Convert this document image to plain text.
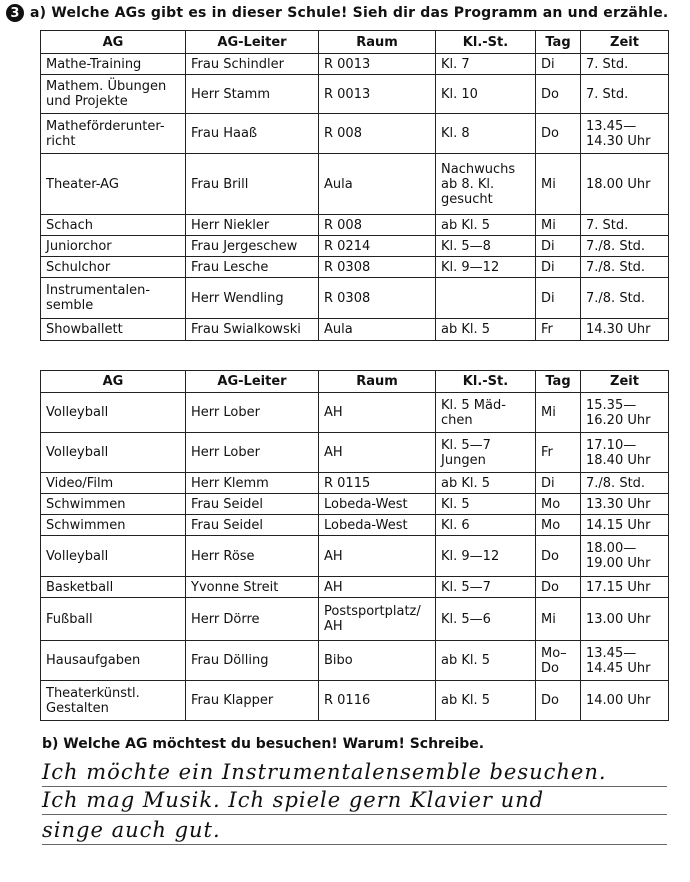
3 a) Welche AGs gibt es in dieser Schule! Sieh dir das Programm an und erzähle.
AG	AG-Leiter	Raum	Kl.-St.	Tag	Zeit
Mathe-Training	Frau Schindler	R 0013	Kl. 7	Di	7. Std.
Mathem. Übungen und Projekte	Herr Stamm	R 0013	Kl. 10	Do	7. Std.
Matheförderunter-richt	Frau Haaß	R 008	Kl. 8	Do	13.45—14.30 Uhr
Theater-AG	Frau Brill	Aula	Nachwuchs ab 8. Kl. gesucht	Mi	18.00 Uhr
Schach	Herr Niekler	R 008	ab Kl. 5	Mi	7. Std.
Juniorchor	Frau Jergeschew	R 0214	Kl. 5—8	Di	7./8. Std.
Schulchor	Frau Lesche	R 0308	Kl. 9—12	Di	7./8. Std.
Instrumentalen-semble	Herr Wendling	R 0308		Di	7./8. Std.
Showballett	Frau Swialkowski	Aula	ab Kl. 5	Fr	14.30 Uhr
AG	AG-Leiter	Raum	Kl.-St.	Tag	Zeit
Volleyball	Herr Lober	AH	Kl. 5 Mäd-chen	Mi	15.35—16.20 Uhr
Volleyball	Herr Lober	AH	Kl. 5—7 Jungen	Fr	17.10—18.40 Uhr
Video/Film	Herr Klemm	R 0115	ab Kl. 5	Di	7./8. Std.
Schwimmen	Frau Seidel	Lobeda-West	Kl. 5	Mo	13.30 Uhr
Schwimmen	Frau Seidel	Lobeda-West	Kl. 6	Mo	14.15 Uhr
Volleyball	Herr Röse	AH	Kl. 9—12	Do	18.00—19.00 Uhr
Basketball	Yvonne Streit	AH	Kl. 5—7	Do	17.15 Uhr
Fußball	Herr Dörre	Postsportplatz/ AH	Kl. 5—6	Mi	13.00 Uhr
Hausaufgaben	Frau Dölling	Bibo	ab Kl. 5	Mo–Do	13.45—14.45 Uhr
Theaterkünstl. Gestalten	Frau Klapper	R 0116	ab Kl. 5	Do	14.00 Uhr
b) Welche AG möchtest du besuchen! Warum! Schreibe.
Ich möchte ein Instrumentalensemble besuchen.
Ich mag Musik. Ich spiele gern Klavier und
singe auch gut.
